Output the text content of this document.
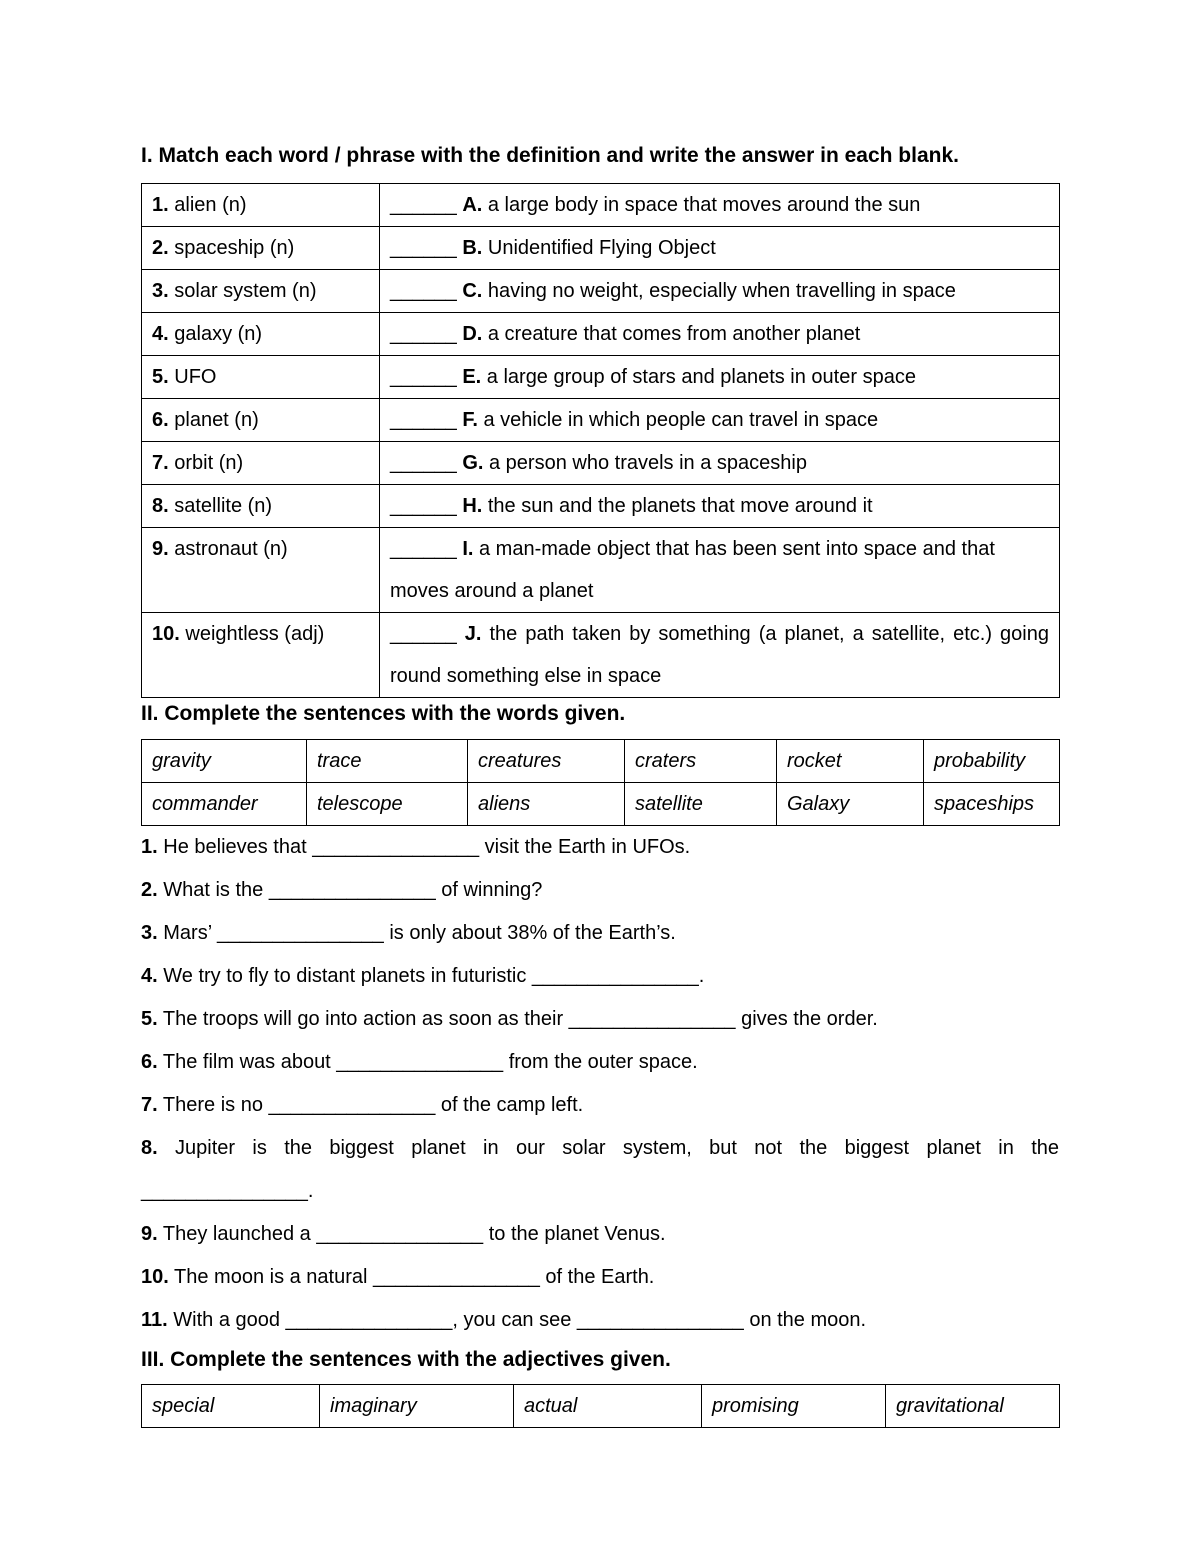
I. Match each word / phrase with the definition and write the answer in each blank.

1. alien (n)	______ A. a large body in space that moves around the sun
2. spaceship (n)	______ B. Unidentified Flying Object
3. solar system (n)	______ C. having no weight, especially when travelling in space
4. galaxy (n)	______ D. a creature that comes from another planet
5. UFO	______ E. a large group of stars and planets in outer space
6. planet (n)	______ F. a vehicle in which people can travel in space
7. orbit (n)	______ G. a person who travels in a spaceship
8. satellite (n)	______ H. the sun and the planets that move around it
9. astronaut (n)	______ I. a man-made object that has been sent into space and that moves around a planet
10. weightless (adj)	______ J. the path taken by something (a planet, a satellite, etc.) going round something else in space

II. Complete the sentences with the words given.

gravity	trace	creatures	craters	rocket	probability
commander	telescope	aliens	satellite	Galaxy	spaceships

1. He believes that _______________ visit the Earth in UFOs.

2. What is the _______________ of winning?

3. Mars’ _______________ is only about 38% of the Earth’s.

4. We try to fly to distant planets in futuristic _______________.

5. The troops will go into action as soon as their _______________ gives the order.

6. The film was about _______________ from the outer space.

7. There is no _______________ of the camp left.

8. Jupiter is the biggest planet in our solar system, but not the biggest planet in the

_______________.

9. They launched a _______________ to the planet Venus.

10. The moon is a natural _______________ of the Earth.

11. With a good _______________, you can see _______________ on the moon.

III. Complete the sentences with the adjectives given.

special	imaginary	actual	promising	gravitational
